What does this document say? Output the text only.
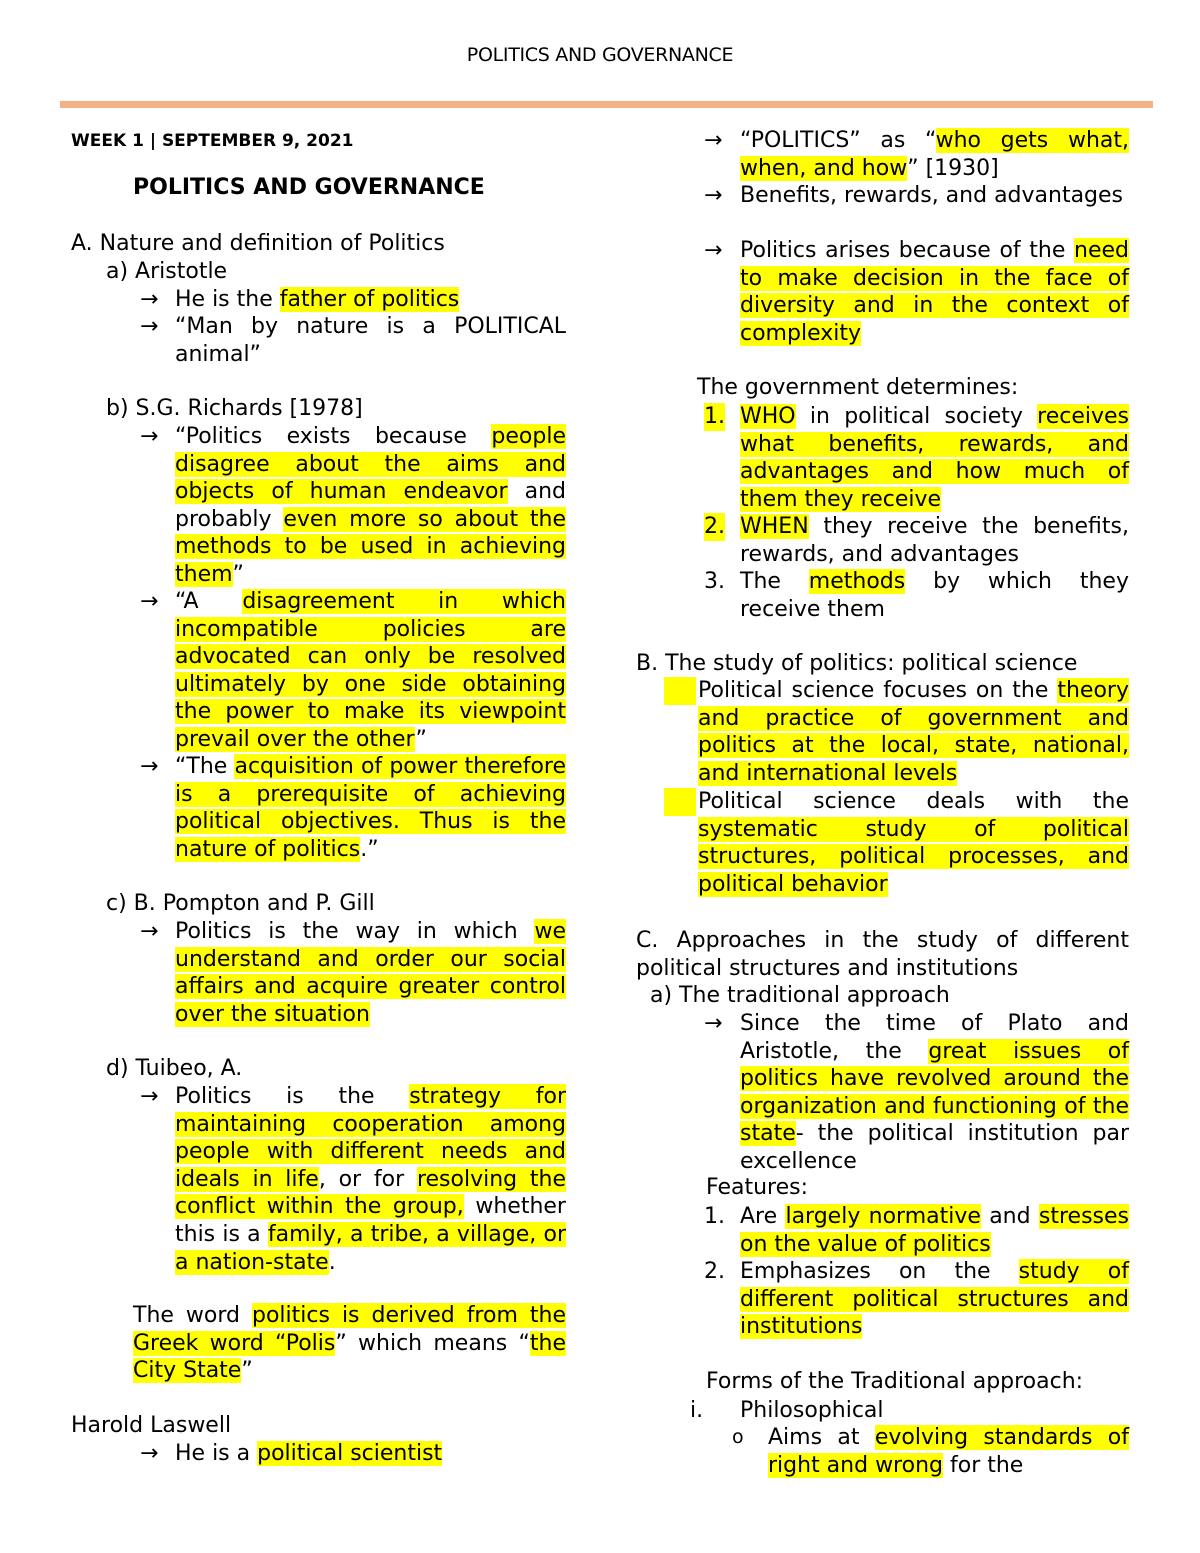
POLITICS AND GOVERNANCE
WEEK 1 | SEPTEMBER 9, 2021
POLITICS AND GOVERNANCE
A. Nature and definition of Politics
a) Aristotle
→ He is the father of politics

→ “Man by nature is a POLITICAL animal”

b) S.G. Richards [1978]
→ “Politics exists because people disagree about the aims and objects of human endeavor and probably even more so about the methods to be used in achieving them”

→ “A disagreement in which incompatible policies are advocated can only be resolved ultimately by one side obtaining the power to make its viewpoint prevail over the other”

→ “The acquisition of power therefore is a prerequisite of achieving political objectives. Thus is the nature of politics.”

c) B. Pompton and P. Gill
→ Politics is the way in which we understand and order our social affairs and acquire greater control over the situation

d) Tuibeo, A.
→ Politics is the strategy for maintaining cooperation among people with different needs and ideals in life, or for resolving the conflict within the group, whether this is a family, a tribe, a village, or a nation-state.

The word politics is derived from the Greek word “Polis” which means “the City State”

Harold Laswell
→ He is a political scientist

→ “POLITICS” as “who gets what, when, and how” [1930]

→ Benefits, rewards, and advantages

→ Politics arises because of the need to make decision in the face of diversity and in the context of complexity

The government determines:
1. WHO in political society receives what benefits, rewards, and advantages and how much of them they receive

2. WHEN they receive the benefits, rewards, and advantages

3. The methods by which they receive them

B. The study of politics: political science

Political science focuses on the theory and practice of government and politics at the local, state, national, and international levels

Political science deals with the systematic study of political structures, political processes, and political behavior

C. Approaches in the study of different political structures and institutions

a) The traditional approach
→ Since the time of Plato and Aristotle, the great issues of politics have revolved around the organization and functioning of the state- the political institution par excellence

Features:
1. Are largely normative and stresses on the value of politics

2. Emphasizes on the study of different political structures and institutions

Forms of the Traditional approach:
i. Philosophical

o Aims at evolving standards of right and wrong for the
